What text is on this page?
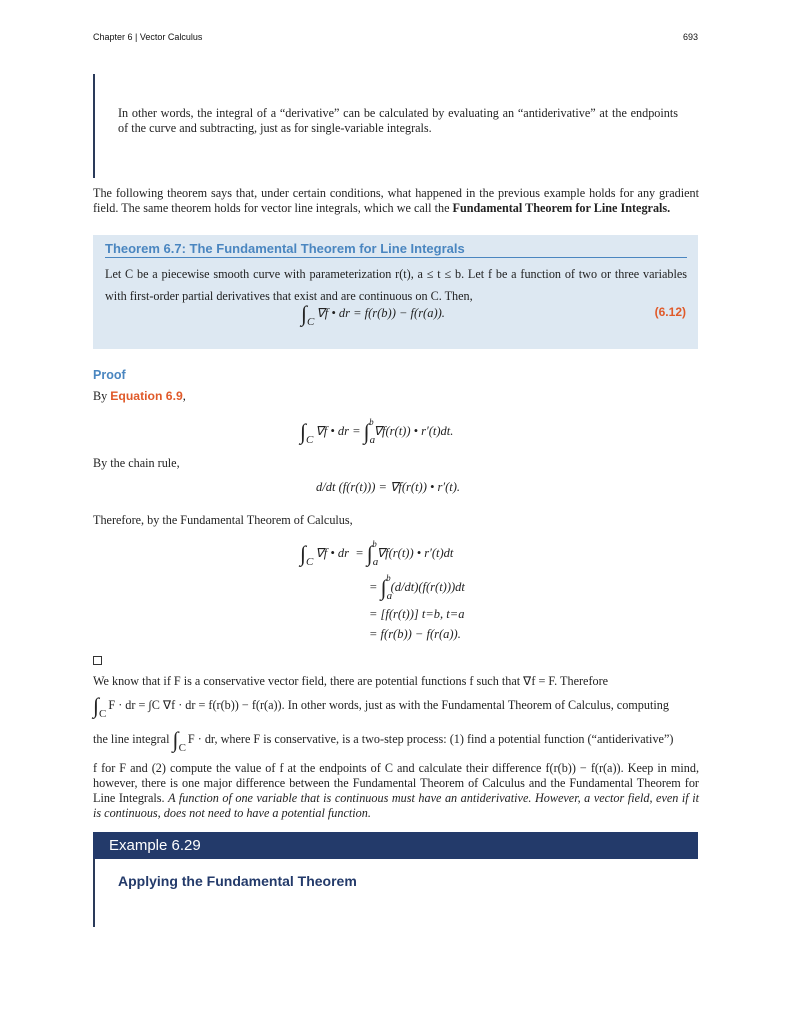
Chapter 6 | Vector Calculus	693
In other words, the integral of a “derivative” can be calculated by evaluating an “antiderivative” at the endpoints of the curve and subtracting, just as for single-variable integrals.
The following theorem says that, under certain conditions, what happened in the previous example holds for any gradient field. The same theorem holds for vector line integrals, which we call the Fundamental Theorem for Line Integrals.
Theorem 6.7: The Fundamental Theorem for Line Integrals
Let C be a piecewise smooth curve with parameterization r(t), a ≤ t ≤ b. Let f be a function of two or three variables with first-order partial derivatives that exist and are continuous on C. Then,
∫C∇f • dr = f(r(b)) − f(r(a)).	(6.12)
Proof
By Equation 6.9,
∫C∇f • dr = $\int a^b\nabla f(r(t))$ • r′(t)dt.
By the chain rule,
d/dt (f(r(t))) = ∇f(r(t)) • r′(t).
Therefore, by the Fundamental Theorem of Calculus,
∫C∇f • dr = $\int a^b\nabla f(r(t))$ • r′(t)dt
= $\int a^b(d/dt)(f(r(t)))dt$
= [f(r(t))] t=b, t=a
= f(r(b)) − f(r(a)).
We know that if F is a conservative vector field, there are potential functions f such that ∇f = F. Therefore
∫CF · dr = ∫C ∇f · dr = f(r(b)) − f(r(a)). In other words, just as with the Fundamental Theorem of Calculus, computing
the line integral ∫CF · dr, where F is conservative, is a two-step process: (1) find a potential function (“antiderivative”)
f for F and (2) compute the value of f at the endpoints of C and calculate their difference f(r(b)) − f(r(a)). Keep in mind, however, there is one major difference between the Fundamental Theorem of Calculus and the Fundamental Theorem for Line Integrals. A function of one variable that is continuous must have an antiderivative. However, a vector field, even if it is continuous, does not need to have a potential function.
Example 6.29
Applying the Fundamental Theorem
